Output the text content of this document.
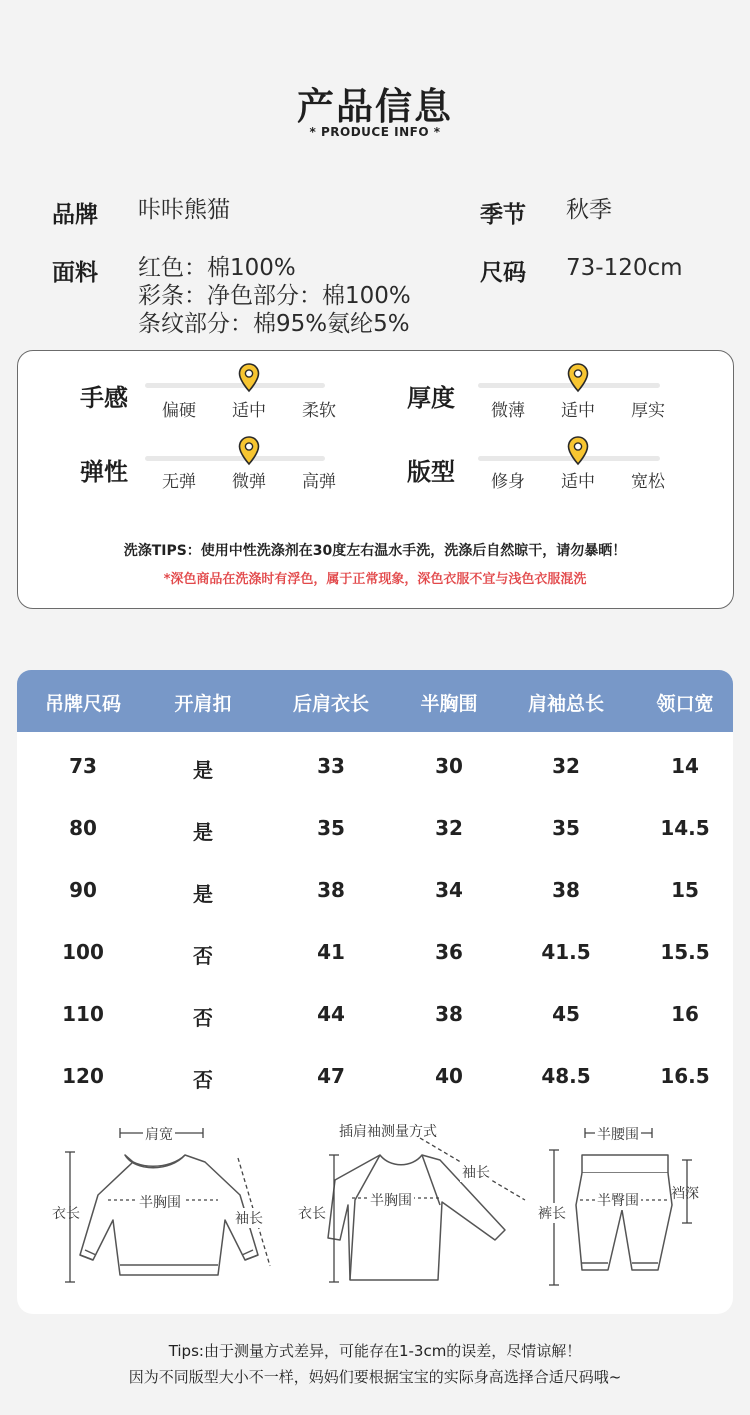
产品信息
* PRODUCE INFO *
品牌 咔咔熊猫	季节 秋季
面料 红色：棉100%
彩条：净色部分：棉100%
条纹部分：棉95%氨纶5%
尺码 73-120cm
手感	偏硬	适中	柔软	厚度	微薄	适中	厚实
弹性	无弹	微弹	高弹	版型	修身	适中	宽松
洗涤TIPS：使用中性洗涤剂在30度左右温水手洗，洗涤后自然晾干，请勿暴晒！
*深色商品在洗涤时有浮色，属于正常现象，深色衣服不宜与浅色衣服混洗
吊牌尺码	开肩扣	后肩衣长	半胸围	肩袖总长	领口宽
73	是	33	30	32	14
80	是	35	32	35	14.5
90	是	38	34	38	15
100	否	41	36	41.5	15.5
110	否	44	38	45	16
120	否	47	40	48.5	16.5
肩宽
衣长
半胸围
袖长
插肩袖测量方式
衣长
半胸围
袖长
半腰围
裤长
半臀围 裆深
Tips:由于测量方式差异，可能存在1-3cm的误差，尽情谅解！
因为不同版型大小不一样，妈妈们要根据宝宝的实际身高选择合适尺码哦~
